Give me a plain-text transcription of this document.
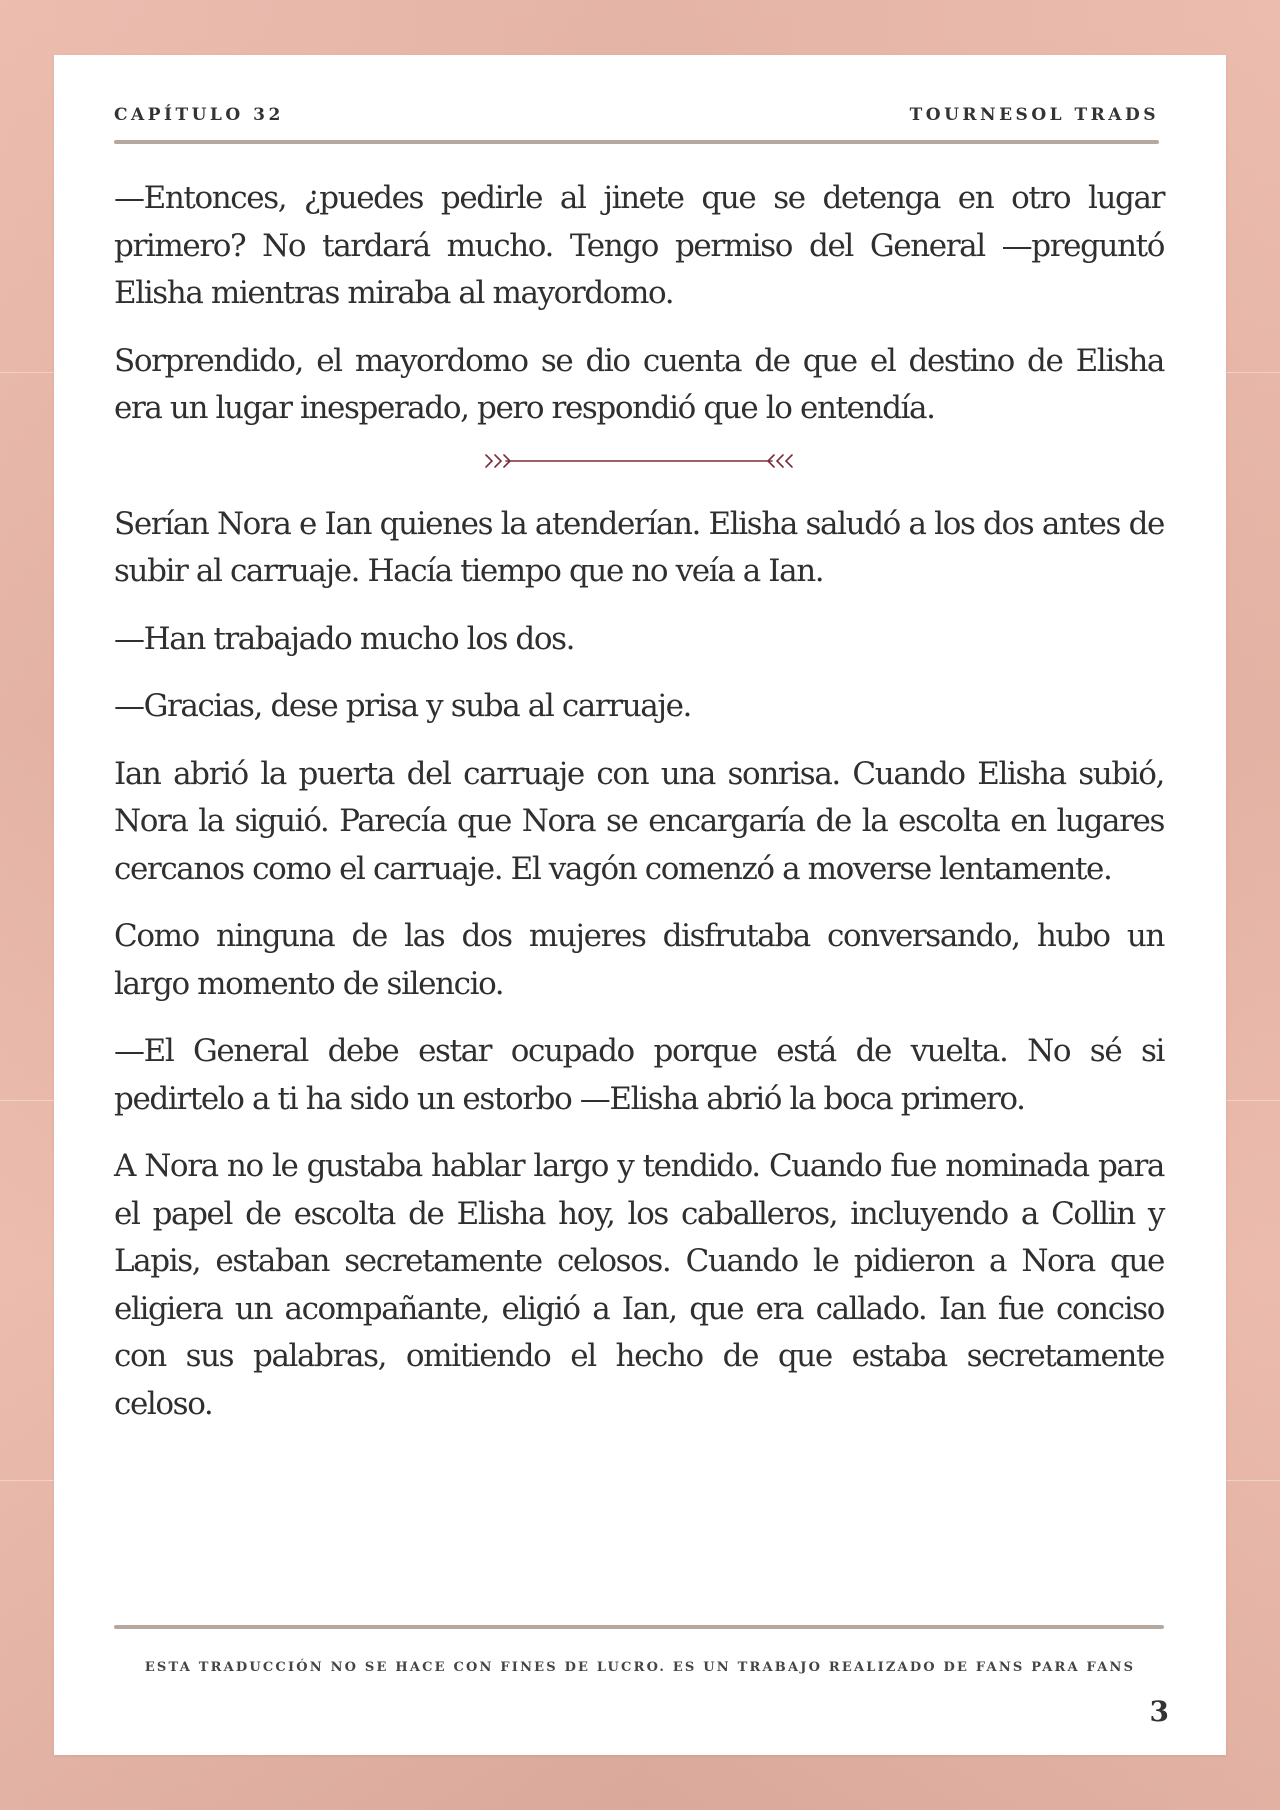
CAPÍTULO 32	TOURNESOL TRADS

—Entonces, ¿puedes pedirle al jinete que se detenga en otro lugar primero? No tardará mucho. Tengo permiso del General —preguntó Elisha mientras miraba al mayordomo.

Sorprendido, el mayordomo se dio cuenta de que el destino de Elisha era un lugar inesperado, pero respondió que lo entendía.

Serían Nora e Ian quienes la atenderían. Elisha saludó a los dos antes de subir al carruaje. Hacía tiempo que no veía a Ian.

—Han trabajado mucho los dos.

—Gracias, dese prisa y suba al carruaje.

Ian abrió la puerta del carruaje con una sonrisa. Cuando Elisha subió, Nora la siguió. Parecía que Nora se encargaría de la escolta en lugares cercanos como el carruaje. El vagón comenzó a moverse lentamente.

Como ninguna de las dos mujeres disfrutaba conversando, hubo un largo momento de silencio.

—El General debe estar ocupado porque está de vuelta. No sé si pedirtelo a ti ha sido un estorbo —Elisha abrió la boca primero.

A Nora no le gustaba hablar largo y tendido. Cuando fue nominada para el papel de escolta de Elisha hoy, los caballeros, incluyendo a Collin y Lapis, estaban secretamente celosos. Cuando le pidieron a Nora que eligiera un acompañante, eligió a Ian, que era callado. Ian fue conciso con sus palabras, omitiendo el hecho de que estaba secretamente celoso.

ESTA TRADUCCIÓN NO SE HACE CON FINES DE LUCRO. ES UN TRABAJO REALIZADO DE FANS PARA FANS
3
